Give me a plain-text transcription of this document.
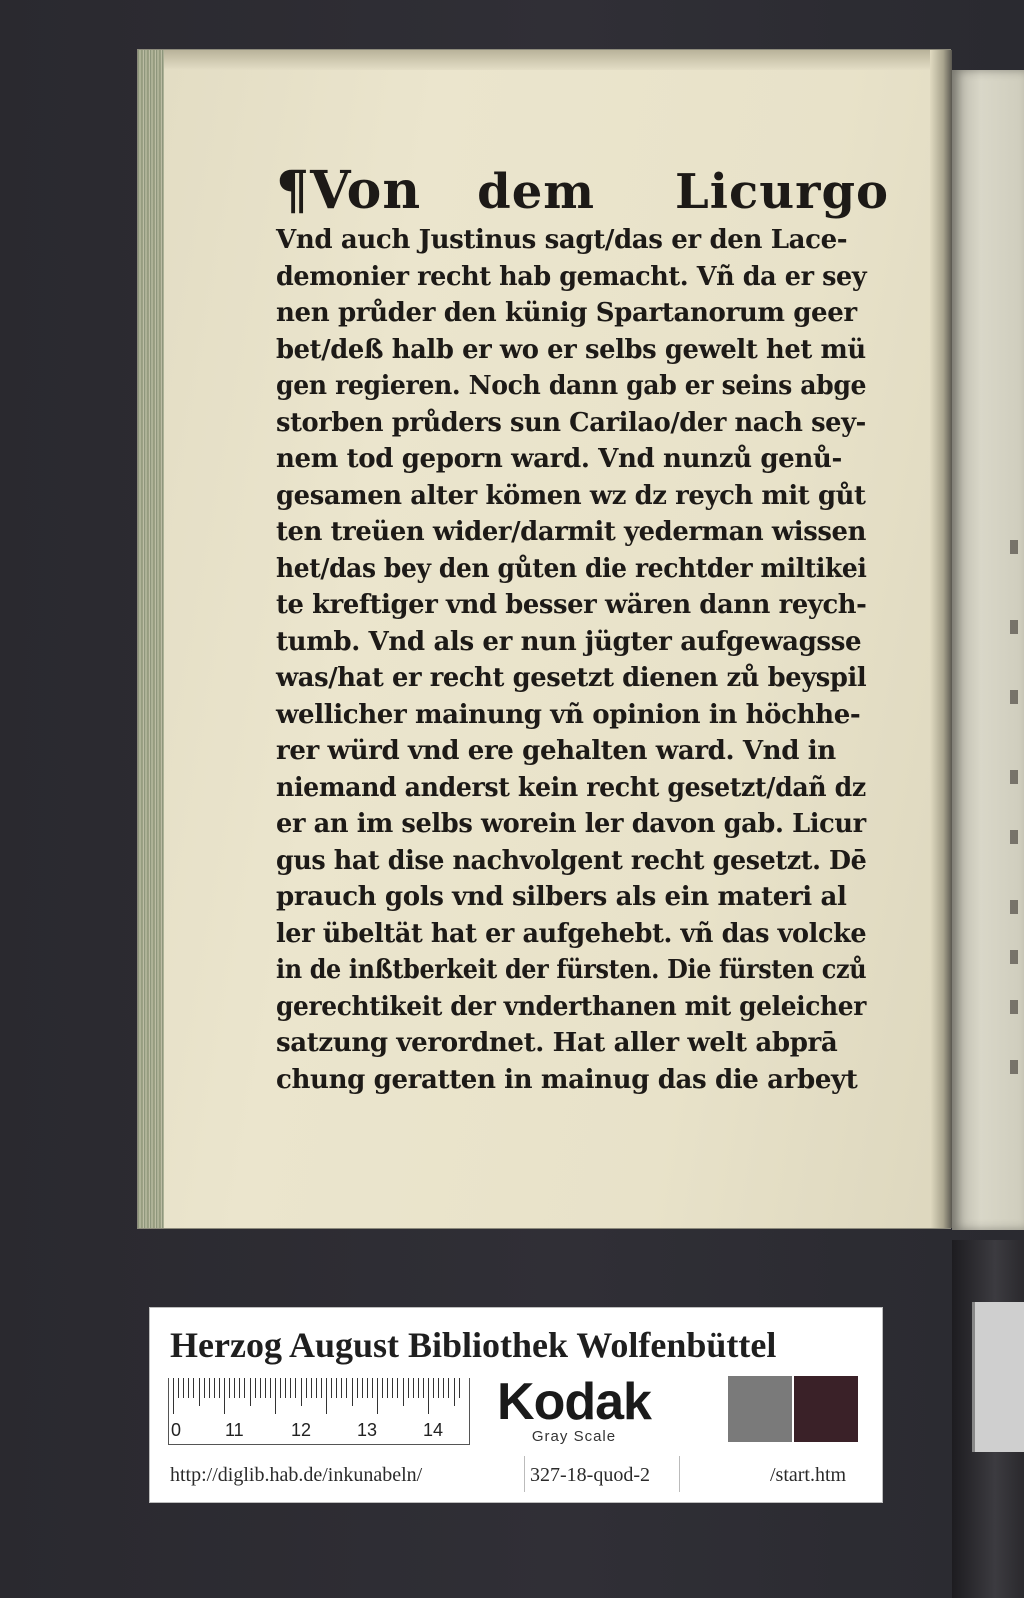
¶Von dem Licurgo
Vnd auch Justinus sagt/das er den Lace-
demonier recht hab gemacht. Vñ da er sey
nen průder den künig Spartanorum geer
bet/deß halb er wo er selbs gewelt het mü
gen regieren. Noch dann gab er seins abge
storben průders sun Carilao/der nach sey-
nem tod geporn ward. Vnd nunzů genů-
gesamen alter kömen wz dz reych mit gůt
ten treüen wider/darmit yederman wissen
het/das bey den gůten die rechtder miltikei
te kreftiger vnd besser wären dann reych-
tumb. Vnd als er nun jügter aufgewagsse
was/hat er recht gesetzt dienen zů beyspil
wellicher mainung vñ opinion in höchhe-
rer würd vnd ere gehalten ward. Vnd in
niemand anderst kein recht gesetzt/dañ dz
er an im selbs worein ler davon gab. Licur
gus hat dise nachvolgent recht gesetzt. Dē
prauch gols vnd silbers als ein materi al
ler übeltät hat er aufgehebt. vñ das volcke
in de inßtberkeit der fürsten. Die fürsten czů
gerechtikeit der vnderthanen mit geleicher
satzung verordnet. Hat aller welt abprā
chung geratten in mainug das die arbeyt
Herzog August Bibliothek Wolfenbüttel
0 11	12	13	14 Kodak
Gray Scale
http://diglib.hab.de/inkunabeln/	327-18-quod-2	/start.htm
